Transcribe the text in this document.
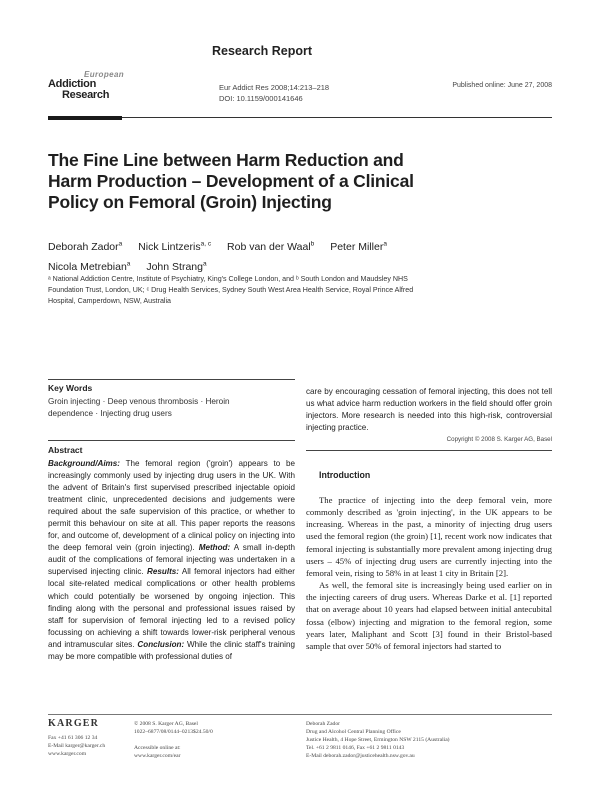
European
Addiction
Research
Research Report
Eur Addict Res 2008;14:213–218
DOI: 10.1159/000141646
Published online: June 27, 2008
The Fine Line between Harm Reduction and Harm Production – Development of a Clinical Policy on Femoral (Groin) Injecting
Deborah Zador$^a$ Nick Lintzeris$^{a, c}$ Rob van der Waal$^b$ Peter Miller$^a$
Nicola Metrebian$^a$ John Strang$^a$
ᵃ National Addiction Centre, Institute of Psychiatry, King's College London, and ᵇ South London and Maudsley NHS
Foundation Trust, London, UK; ᶜ Drug Health Services, Sydney South West Area Health Service, Royal Prince Alfred
Hospital, Camperdown, NSW, Australia
Key Words
Groin injecting · Deep venous thrombosis · Heroin
dependence · Injecting drug users
Abstract
Background/Aims: The femoral region ('groin') appears to be increasingly commonly used by injecting drug users in the UK. With the advent of Britain's first supervised prescribed injectable opioid treatment clinic, unprecedented decisions and judgements were required about the safe supervision of this practice, or whether to permit this behaviour on site at all. This paper reports the reasons for, and outcome of, development of a clinical policy on injecting into the deep femoral vein (groin injecting). Method: A small in-depth audit of the complications of femoral injecting was undertaken in a supervised injecting clinic. Results: All femoral injectors had either local site-related medical complications or other health problems which could potentially be worsened by ongoing injection. This finding along with the personal and professional issues raised by staff for supervision of femoral injecting led to a revised policy focussing on achieving a shift towards lower-risk peripheral venous and intramuscular sites. Conclusion: While the clinic staff's training may be more compatible with professional duties of
care by encouraging cessation of femoral injecting, this does not tell us what advice harm reduction workers in the field should offer groin injectors. More research is needed into this high-risk, controversial injecting practice.
Copyright © 2008 S. Karger AG, Basel
Introduction

The practice of injecting into the deep femoral vein, more commonly described as 'groin injecting', in the UK appears to be increasing. Whereas in the past, a minority of injecting drug users used the femoral region (the groin) [1], recent work now indicates that femoral injecting is substantially more prevalent among injecting drug users – 45% of injecting drug users are currently injecting into the femoral vein, rising to 58% in at least 1 city in Britain [2].

As well, the femoral site is increasingly being used earlier on in the injecting careers of drug users. Whereas Darke et al. [1] reported that on average about 10 years had elapsed between initial antecubital fossa (elbow) injecting and migration to the femoral region, some years later, Maliphant and Scott [3] found in their Bristol-based sample that over 50% of femoral injectors had started to

KARGER
Fax +41 61 306 12 34
E-Mail karger@karger.ch
www.karger.com
© 2008 S. Karger AG, Basel
1022–6877/08/0144–0213$24.50/0
Accessible online at:
www.karger.com/ear
Deborah Zador
Drug and Alcohol Central Planning Office
Justice Health, 4 Hope Street, Ermington NSW 2115 (Australia)
Tel. +61 2 9811 0146, Fax +61 2 9811 0143
E-Mail deborah.zador@justicehealth.nsw.gov.au
